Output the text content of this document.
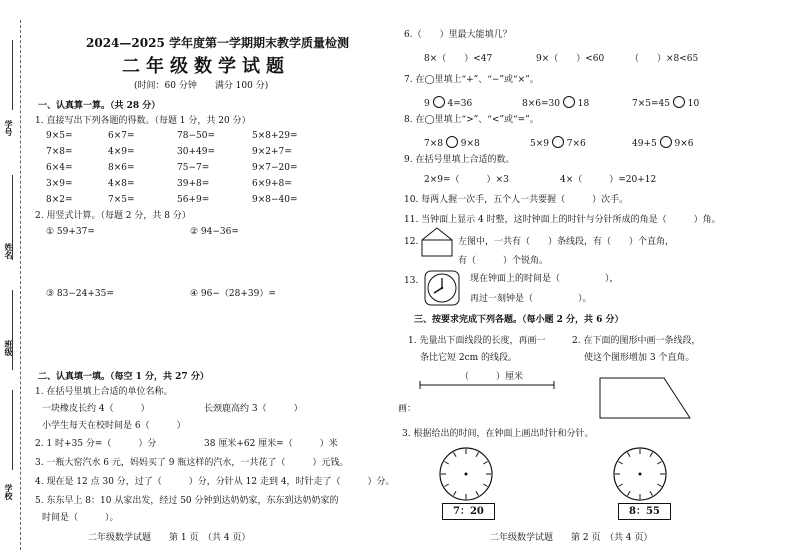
学号
姓名
班级
学校
2024—2025 学年度第一学期期末教学质量检测
二年级数学试题
(时间：60 分钟　　满分 100 分)
一、认真算一算。（共 28 分）
1. 直接写出下列各题的得数。（每题 1 分，共 20 分）
9×5=	6×7=	78−50=	5×8+29=
7×8=	4×9=	30+49=	9×2+7=
6×4=	8×6=	75−7=	9×7−20=
3×9=	4×8=	39+8=	6×9+8=
8×2=	7×5=	56+9=	9×8−40=
2. 用竖式计算。（每题 2 分，共 8 分）
① 59+37=	② 94−36=
③ 83−24+35=	④ 96−（28+39）=
二、认真填一填。（每空 1 分，共 27 分）
1. 在括号里填上合适的单位名称。
一块橡皮长约 4（　　　）	长颈鹿高约 3（　　　）
小学生每天在校时间是 6（　　　）
2. 1 时+35 分=（　　　）分	38 厘米+62 厘米=（　　　）米
3. 一瓶大窑汽水 6 元，妈妈买了 9 瓶这样的汽水，一共花了（　　　）元钱。
4. 现在是 12 点 30 分，过了（　　　）分，分针从 12 走到 4，时针走了（　　　）分。
5. 东东早上 8：10 从家出发，经过 50 分钟到达奶奶家，东东到达奶奶家的
时间是（　　　）。
二年级数学试题　　第 1 页　（共 4 页）
6.（　　）里最大能填几？
8×（　　）<47	9×（　　）<60	（　　）×8<65
7. 在◯里填上“+”、“−”或“×”。
9 4=36	8×6=30 18	7×5=45 10
8. 在◯里填上“>”、“<”或“=”。
7×8 9×8	5×9 7×6	49+5 9×6
9. 在括号里填上合适的数。
2×9=（　　　）×3	4×（　　　）=20+12
10. 每两人握一次手，五个人一共要握（　　　）次手。
11. 当钟面上显示 4 时整，这时钟面上的时针与分针所成的角是（　　　）角。
12.	左图中，一共有（　　）条线段，有（　　）个直角，
有（　　　）个锐角。
13.	现在钟面上的时间是（　　　　　），
再过一刻钟是（　　　　　）。
三、按要求完成下列各题。（每小题 2 分，共 6 分）
1. 先量出下面线段的长度，再画一
条比它短 2cm 的线段。
（　　　）厘米
画：
2. 在下面的图形中画一条线段，
使这个图形增加 3 个直角。
3. 根据给出的时间，在钟面上画出时针和分针。
7：20	8：55
二年级数学试题　　第 2 页　（共 4 页）
